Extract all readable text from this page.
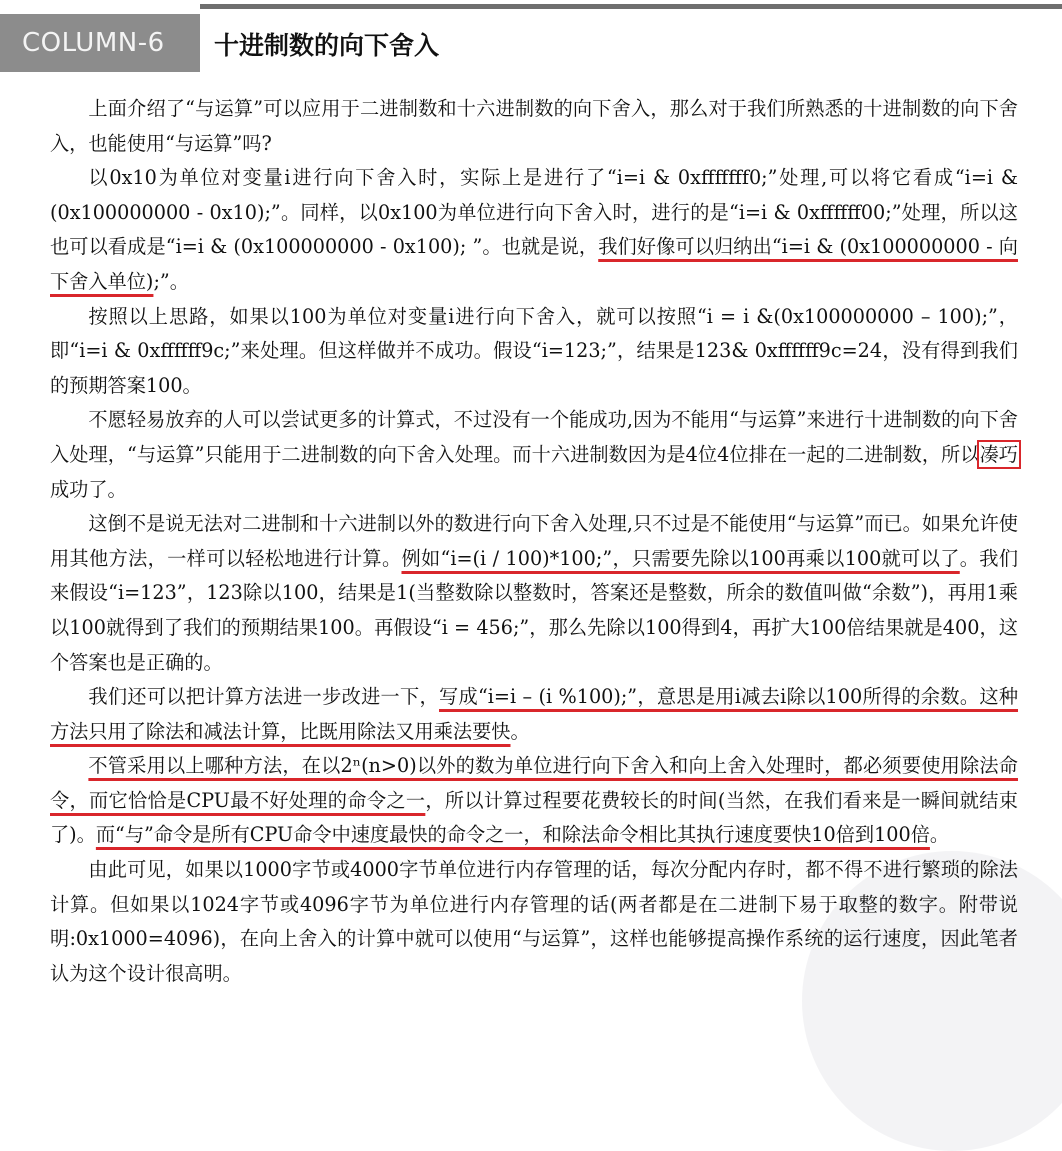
COLUMN-6	十进制数的向下舍入

上面介绍了“与运算”可以应用于二进制数和十六进制数的向下舍入，那么对于我们所熟悉的十进制数的向下舍入，也能使用“与运算”吗?

以0x10为单位对变量i进行向下舍入时，实际上是进行了“i=i & 0xfffffff0;”处理,可以将它看成“i=i &(0x100000000 - 0x10);”。同样，以0x100为单位进行向下舍入时，进行的是“i=i & 0xffffff00;”处理，所以这也可以看成是“i=i & (0x100000000 - 0x100); ”。也就是说，我们好像可以归纳出“i=i & (0x100000000 - 向下舍入单位);”。

按照以上思路，如果以100为单位对变量i进行向下舍入，就可以按照“i = i &(0x100000000 – 100);”，即“i=i & 0xffffff9c;”来处理。但这样做并不成功。假设“i=123;”，结果是123& 0xffffff9c=24，没有得到我们的预期答案100。

不愿轻易放弃的人可以尝试更多的计算式，不过没有一个能成功,因为不能用“与运算”来进行十进制数的向下舍入处理，“与运算”只能用于二进制数的向下舍入处理。而十六进制数因为是4位4位排在一起的二进制数，所以凑巧成功了。

这倒不是说无法对二进制和十六进制以外的数进行向下舍入处理,只不过是不能使用“与运算”而已。如果允许使用其他方法，一样可以轻松地进行计算。例如“i=(i / 100)*100;”，只需要先除以100再乘以100就可以了。我们来假设“i=123”，123除以100，结果是1(当整数除以整数时，答案还是整数，所余的数值叫做“余数”)，再用1乘以100就得到了我们的预期结果100。再假设“i = 456;”，那么先除以100得到4，再扩大100倍结果就是400，这个答案也是正确的。

我们还可以把计算方法进一步改进一下，写成“i=i – (i %100);”，意思是用i减去i除以100所得的余数。这种方法只用了除法和减法计算，比既用除法又用乘法要快。

不管采用以上哪种方法，在以2ⁿ(n>0)以外的数为单位进行向下舍入和向上舍入处理时，都必须要使用除法命令，而它恰恰是CPU最不好处理的命令之一，所以计算过程要花费较长的时间(当然，在我们看来是一瞬间就结束了)。而“与”命令是所有CPU命令中速度最快的命令之一，和除法命令相比其执行速度要快10倍到100倍。

由此可见，如果以1000字节或4000字节单位进行内存管理的话，每次分配内存时，都不得不进行繁琐的除法计算。但如果以1024字节或4096字节为单位进行内存管理的话(两者都是在二进制下易于取整的数字。附带说明:0x1000=4096)，在向上舍入的计算中就可以使用“与运算”，这样也能够提高操作系统的运行速度，因此笔者认为这个设计很高明。
